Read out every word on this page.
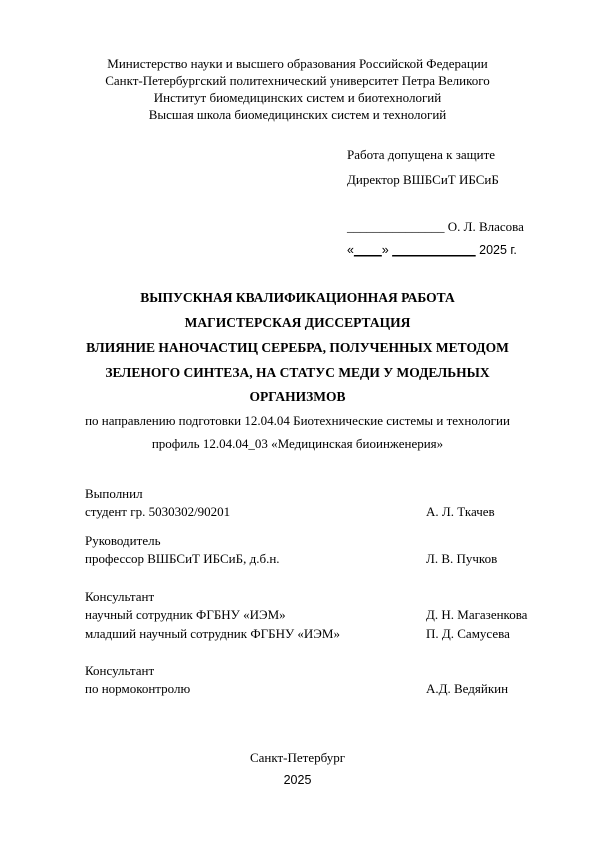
Министерство науки и высшего образования Российской Федерации
Санкт-Петербургский политехнический университет Петра Великого
Институт биомедицинских систем и биотехнологий
Высшая школа биомедицинских систем и технологий
Работа допущена к защите
Директор ВШБСиТ ИБСиБ
_______________ О. Л. Власова
«____» ____________ 2025 г.
ВЫПУСКНАЯ КВАЛИФИКАЦИОННАЯ РАБОТА
МАГИСТЕРСКАЯ ДИССЕРТАЦИЯ
ВЛИЯНИЕ НАНОЧАСТИЦ СЕРЕБРА, ПОЛУЧЕННЫХ МЕТОДОМ
ЗЕЛЕНОГО СИНТЕЗА, НА СТАТУС МЕДИ У МОДЕЛЬНЫХ
ОРГАНИЗМОВ
по направлению подготовки 12.04.04 Биотехнические системы и технологии
профиль 12.04.04_03 «Медицинская биоинженерия»
Выполнил
студент гр. 5030302/90201	А. Л. Ткачев
Руководитель
профессор ВШБСиТ ИБСиБ, д.б.н.	Л. В. Пучков
Консультант
научный сотрудник ФГБНУ «ИЭМ»	Д. Н. Магазенкова
младший научный сотрудник ФГБНУ «ИЭМ»	П. Д. Самусева
Консультант
по нормоконтролю	А.Д. Ведяйкин
Санкт-Петербург
2025
